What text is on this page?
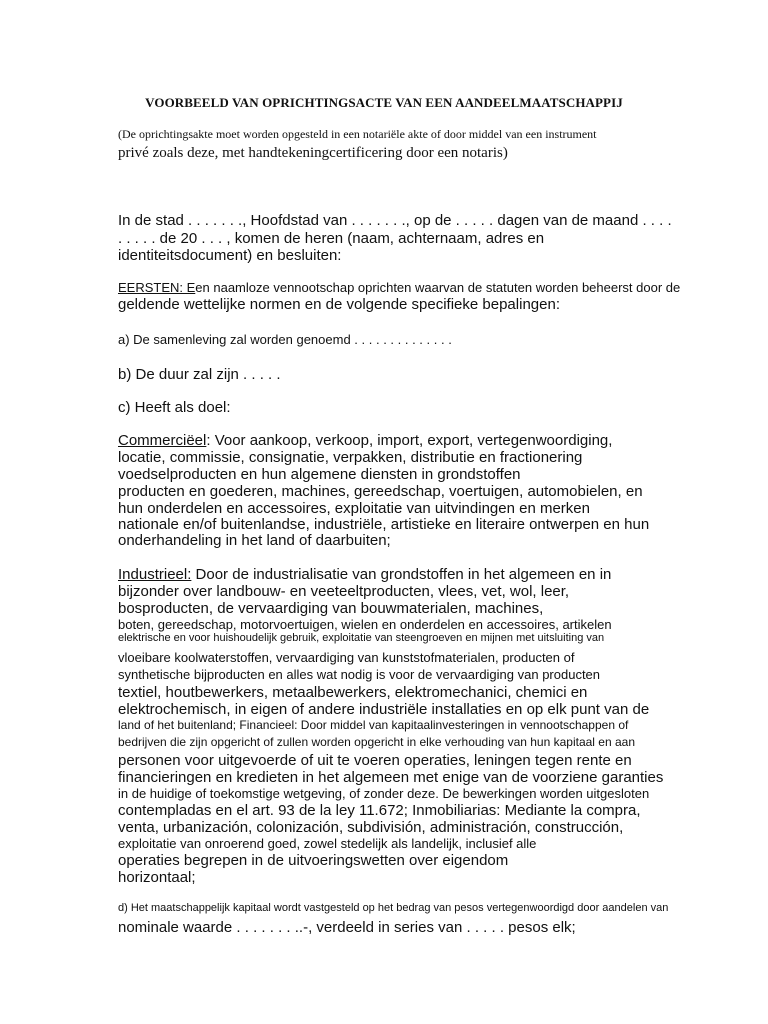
VOORBEELD VAN OPRICHTINGSACTE VAN EEN AANDEELMAATSCHAPPIJ
(De oprichtingsakte moet worden opgesteld in een notariële akte of door middel van een instrument
privé zoals deze, met handtekeningcertificering door een notaris)
In de stad . . . . . . ., Hoofdstad van . . . . . . ., op de . . . . . dagen van de maand . . . .
. . . . . de 20 . . . , komen de heren (naam, achternaam, adres en
identiteitsdocument) en besluiten:
EERSTEN: Een naamloze vennootschap oprichten waarvan de statuten worden beheerst door de
geldende wettelijke normen en de volgende specifieke bepalingen:
a) De samenleving zal worden genoemd . . . . . . . . . . . . . .
b) De duur zal zijn . . . . .
c) Heeft als doel:
Commerciëel: Voor aankoop, verkoop, import, export, vertegenwoordiging,
locatie, commissie, consignatie, verpakken, distributie en fractionering
voedselproducten en hun algemene diensten in grondstoffen
producten en goederen, machines, gereedschap, voertuigen, automobielen, en
hun onderdelen en accessoires, exploitatie van uitvindingen en merken
nationale en/of buitenlandse, industriële, artistieke en literaire ontwerpen en hun
onderhandeling in het land of daarbuiten;
Industrieel: Door de industrialisatie van grondstoffen in het algemeen en in
bijzonder over landbouw- en veeteeltproducten, vlees, vet, wol, leer,
bosproducten, de vervaardiging van bouwmaterialen, machines,
boten, gereedschap, motorvoertuigen, wielen en onderdelen en accessoires, artikelen
elektrische en voor huishoudelijk gebruik, exploitatie van steengroeven en mijnen met uitsluiting van
vloeibare koolwaterstoffen, vervaardiging van kunststofmaterialen, producten of
synthetische bijproducten en alles wat nodig is voor de vervaardiging van producten
textiel, houtbewerkers, metaalbewerkers, elektromechanici, chemici en
elektrochemisch, in eigen of andere industriële installaties en op elk punt van de
land of het buitenland; Financieel: Door middel van kapitaalinvesteringen in vennootschappen of
bedrijven die zijn opgericht of zullen worden opgericht in elke verhouding van hun kapitaal en aan
personen voor uitgevoerde of uit te voeren operaties, leningen tegen rente en
financieringen en kredieten in het algemeen met enige van de voorziene garanties
in de huidige of toekomstige wetgeving, of zonder deze. De bewerkingen worden uitgesloten
contempladas en el art. 93 de la ley 11.672; Inmobiliarias: Mediante la compra,
venta, urbanización, colonización, subdivisión, administración, construcción,
exploitatie van onroerend goed, zowel stedelijk als landelijk, inclusief alle
operaties begrepen in de uitvoeringswetten over eigendom
horizontaal;
d) Het maatschappelijk kapitaal wordt vastgesteld op het bedrag van pesos vertegenwoordigd door aandelen van
nominale waarde . . . . . . . ..-, verdeeld in series van . . . . . pesos elk;
